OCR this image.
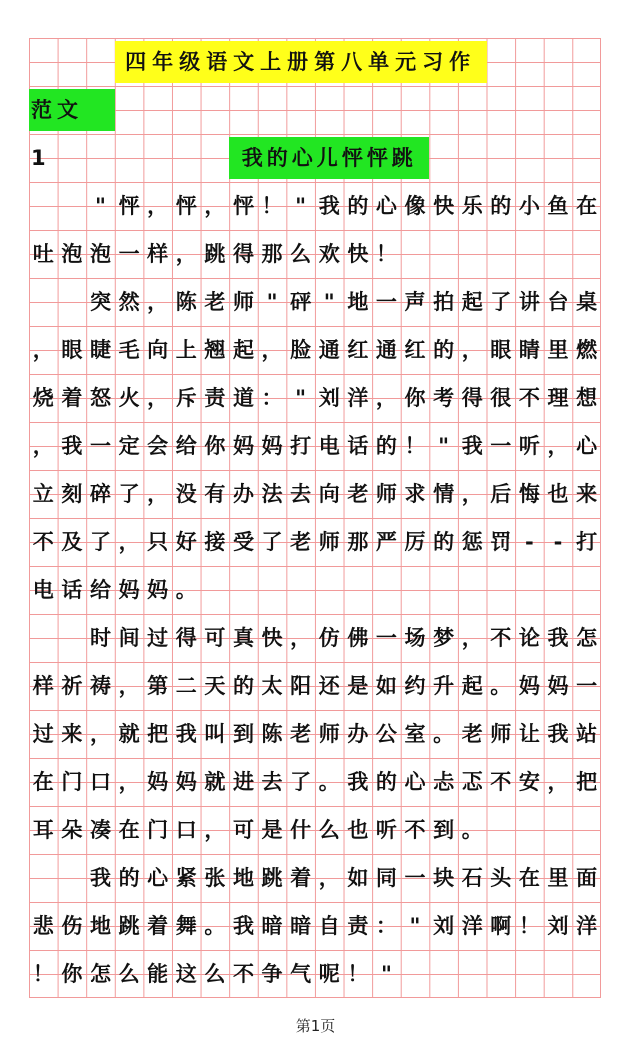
四年级语文上册第八单元习作
范文 1	我的心儿怦怦跳
" 怦 ， 怦 ， 怦 ！ " 我 的 心 像 快 乐 的 小 鱼 在
吐 泡 泡 一 样 ， 跳 得 那 么 欢 快 ！
突 然 ， 陈 老 师 " 砰 " 地 一 声 拍 起 了 讲 台 桌
， 眼 睫 毛 向 上 翘 起 ， 脸 通 红 通 红 的 ， 眼 睛 里 燃
烧 着 怒 火 ， 斥 责 道 ： " 刘 洋 ， 你 考 得 很 不 理 想
， 我 一 定 会 给 你 妈 妈 打 电 话 的 ！ " 我 一 听 ， 心
立 刻 碎 了 ， 没 有 办 法 去 向 老 师 求 情 ， 后 悔 也 来
不 及 了 ， 只 好 接 受 了 老 师 那 严 厉 的 惩 罚 - - 打
电 话 给 妈 妈 。
时 间 过 得 可 真 快 ， 仿 佛 一 场 梦 ， 不 论 我 怎
样 祈 祷 ， 第 二 天 的 太 阳 还 是 如 约 升 起 。 妈 妈 一
过 来 ， 就 把 我 叫 到 陈 老 师 办 公 室 。 老 师 让 我 站
在 门 口 ， 妈 妈 就 进 去 了 。 我 的 心 忐 忑 不 安 ， 把
耳 朵 凑 在 门 口 ， 可 是 什 么 也 听 不 到 。
我 的 心 紧 张 地 跳 着 ， 如 同 一 块 石 头 在 里 面
悲 伤 地 跳 着 舞 。 我 暗 暗 自 责 ： " 刘 洋 啊 ！ 刘 洋
！ 你 怎 么 能 这 么 不 争 气 呢 ！ "
第1页
